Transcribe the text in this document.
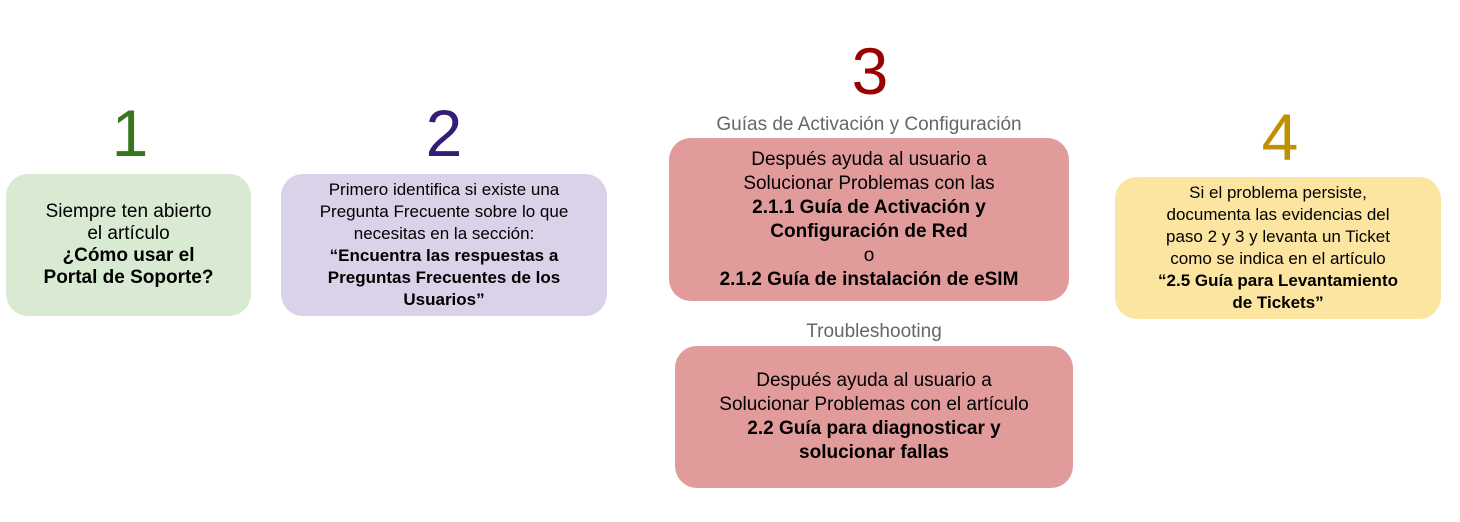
1	2
3
4
Siempre ten abierto
el artículo
¿Cómo usar el
Portal de Soporte?
Primero identifica si existe una
Pregunta Frecuente sobre lo que
necesitas en la sección:
“Encuentra las respuestas a
Preguntas Frecuentes de los
Usuarios”
Guías de Activación y Configuración
Después ayuda al usuario a
Solucionar Problemas con las
2.1.1 Guía de Activación y
Configuración de Red
o
2.1.2 Guía de instalación de eSIM
Troubleshooting
Después ayuda al usuario a
Solucionar Problemas con el artículo
2.2 Guía para diagnosticar y
solucionar fallas
Si el problema persiste,
documenta las evidencias del
paso 2 y 3 y levanta un Ticket
como se indica en el artículo
“2.5 Guía para Levantamiento
de Tickets”
